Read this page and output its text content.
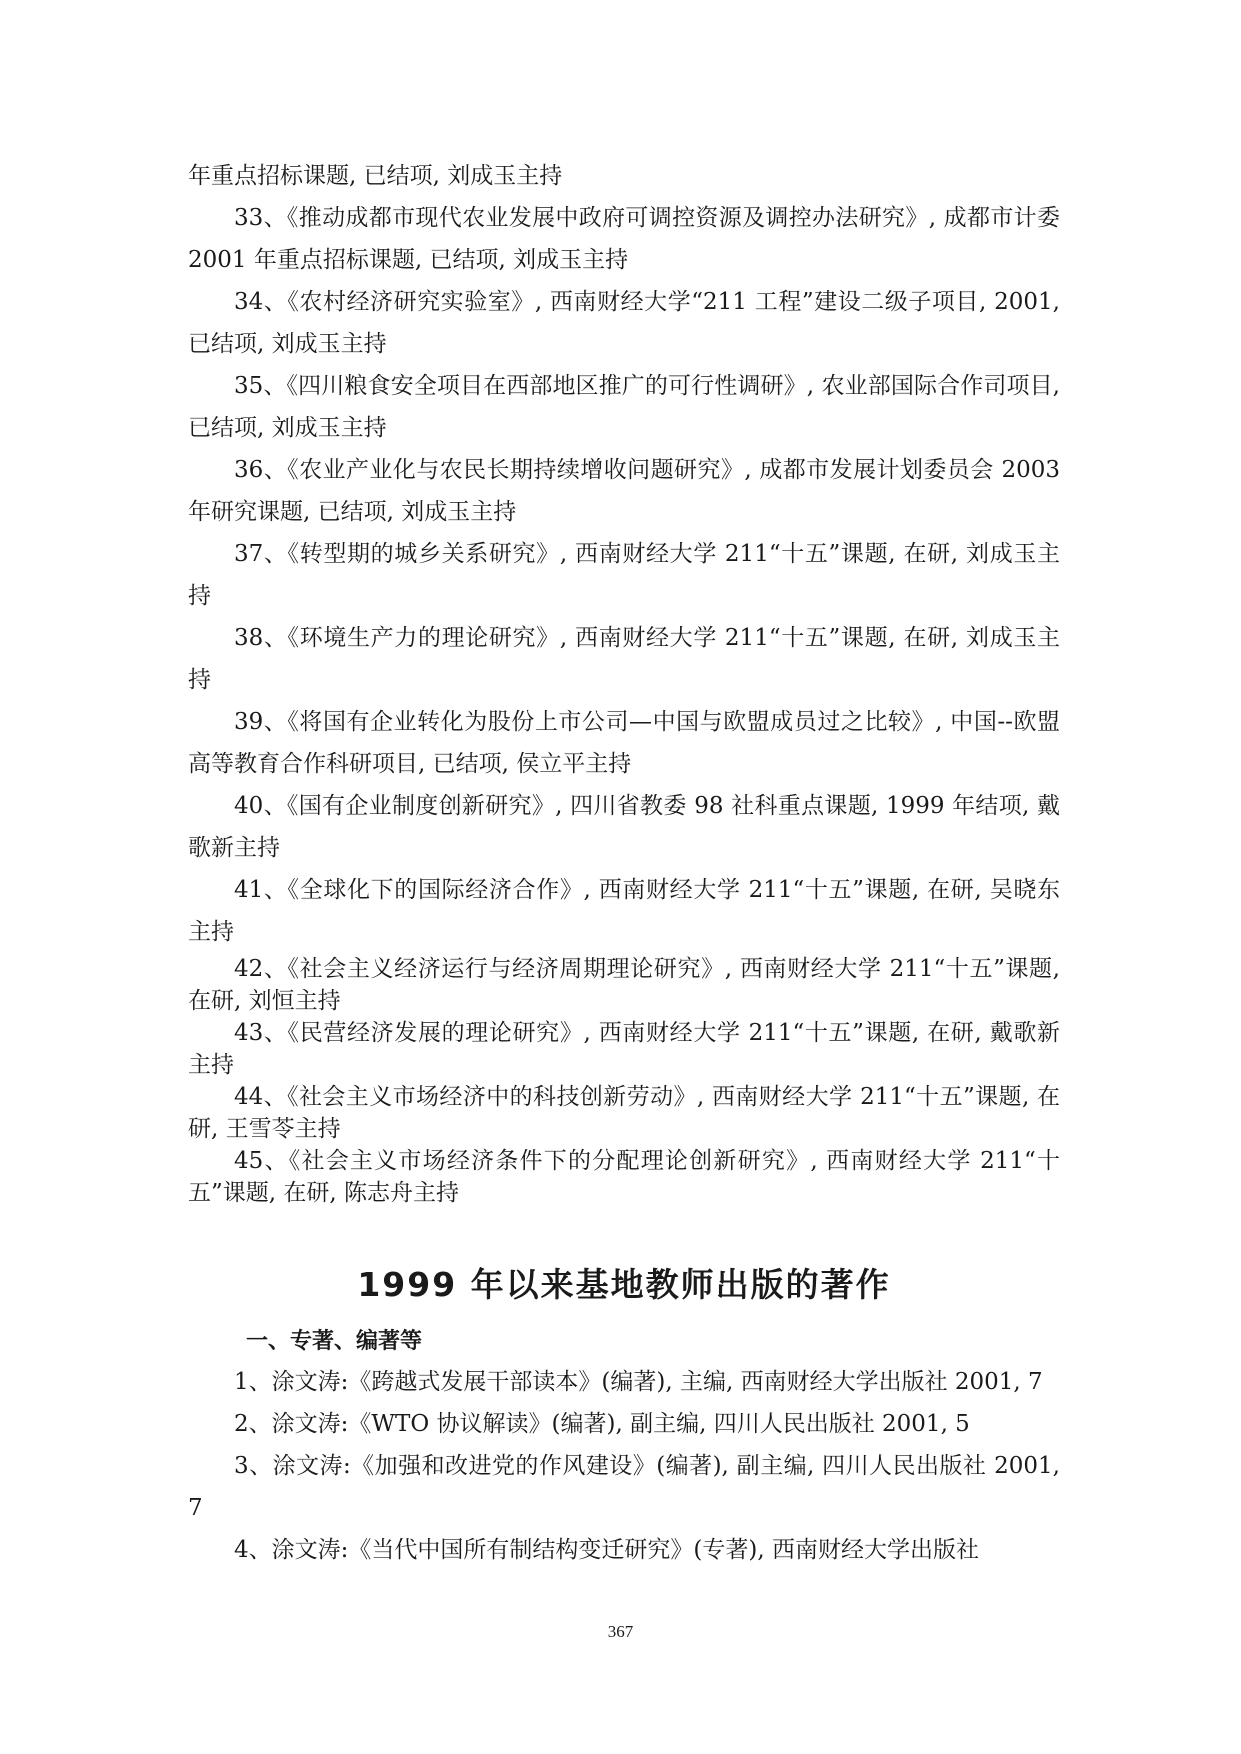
年重点招标课题, 已结项, 刘成玉主持

33、《推动成都市现代农业发展中政府可调控资源及调控办法研究》, 成都市计委 2001 年重点招标课题, 已结项, 刘成玉主持

34、《农村经济研究实验室》, 西南财经大学“211 工程”建设二级子项目, 2001, 已结项, 刘成玉主持

35、《四川粮食安全项目在西部地区推广的可行性调研》, 农业部国际合作司项目, 已结项, 刘成玉主持

36、《农业产业化与农民长期持续增收问题研究》, 成都市发展计划委员会 2003 年研究课题, 已结项, 刘成玉主持

37、《转型期的城乡关系研究》, 西南财经大学 211“十五”课题, 在研, 刘成玉主持

38、《环境生产力的理论研究》, 西南财经大学 211“十五”课题, 在研, 刘成玉主持

39、《将国有企业转化为股份上市公司—中国与欧盟成员过之比较》, 中国--欧盟高等教育合作科研项目, 已结项, 侯立平主持

40、《国有企业制度创新研究》, 四川省教委 98 社科重点课题, 1999 年结项, 戴歌新主持

41、《全球化下的国际经济合作》, 西南财经大学 211“十五”课题, 在研, 吴晓东主持

42、《社会主义经济运行与经济周期理论研究》, 西南财经大学 211“十五”课题, 在研, 刘恒主持

43、《民营经济发展的理论研究》, 西南财经大学 211“十五”课题, 在研, 戴歌新主持

44、《社会主义市场经济中的科技创新劳动》, 西南财经大学 211“十五”课题, 在研, 王雪苓主持

45、《社会主义市场经济条件下的分配理论创新研究》, 西南财经大学 211“十五”课题, 在研, 陈志舟主持

1999 年以来基地教师出版的著作
一、专著、编著等

1、涂文涛:《跨越式发展干部读本》(编著), 主编, 西南财经大学出版社 2001, 7

2、涂文涛:《WTO 协议解读》(编著), 副主编, 四川人民出版社 2001, 5

3、涂文涛:《加强和改进党的作风建设》(编著), 副主编, 四川人民出版社 2001, 7

4、涂文涛:《当代中国所有制结构变迁研究》(专著), 西南财经大学出版社

367
